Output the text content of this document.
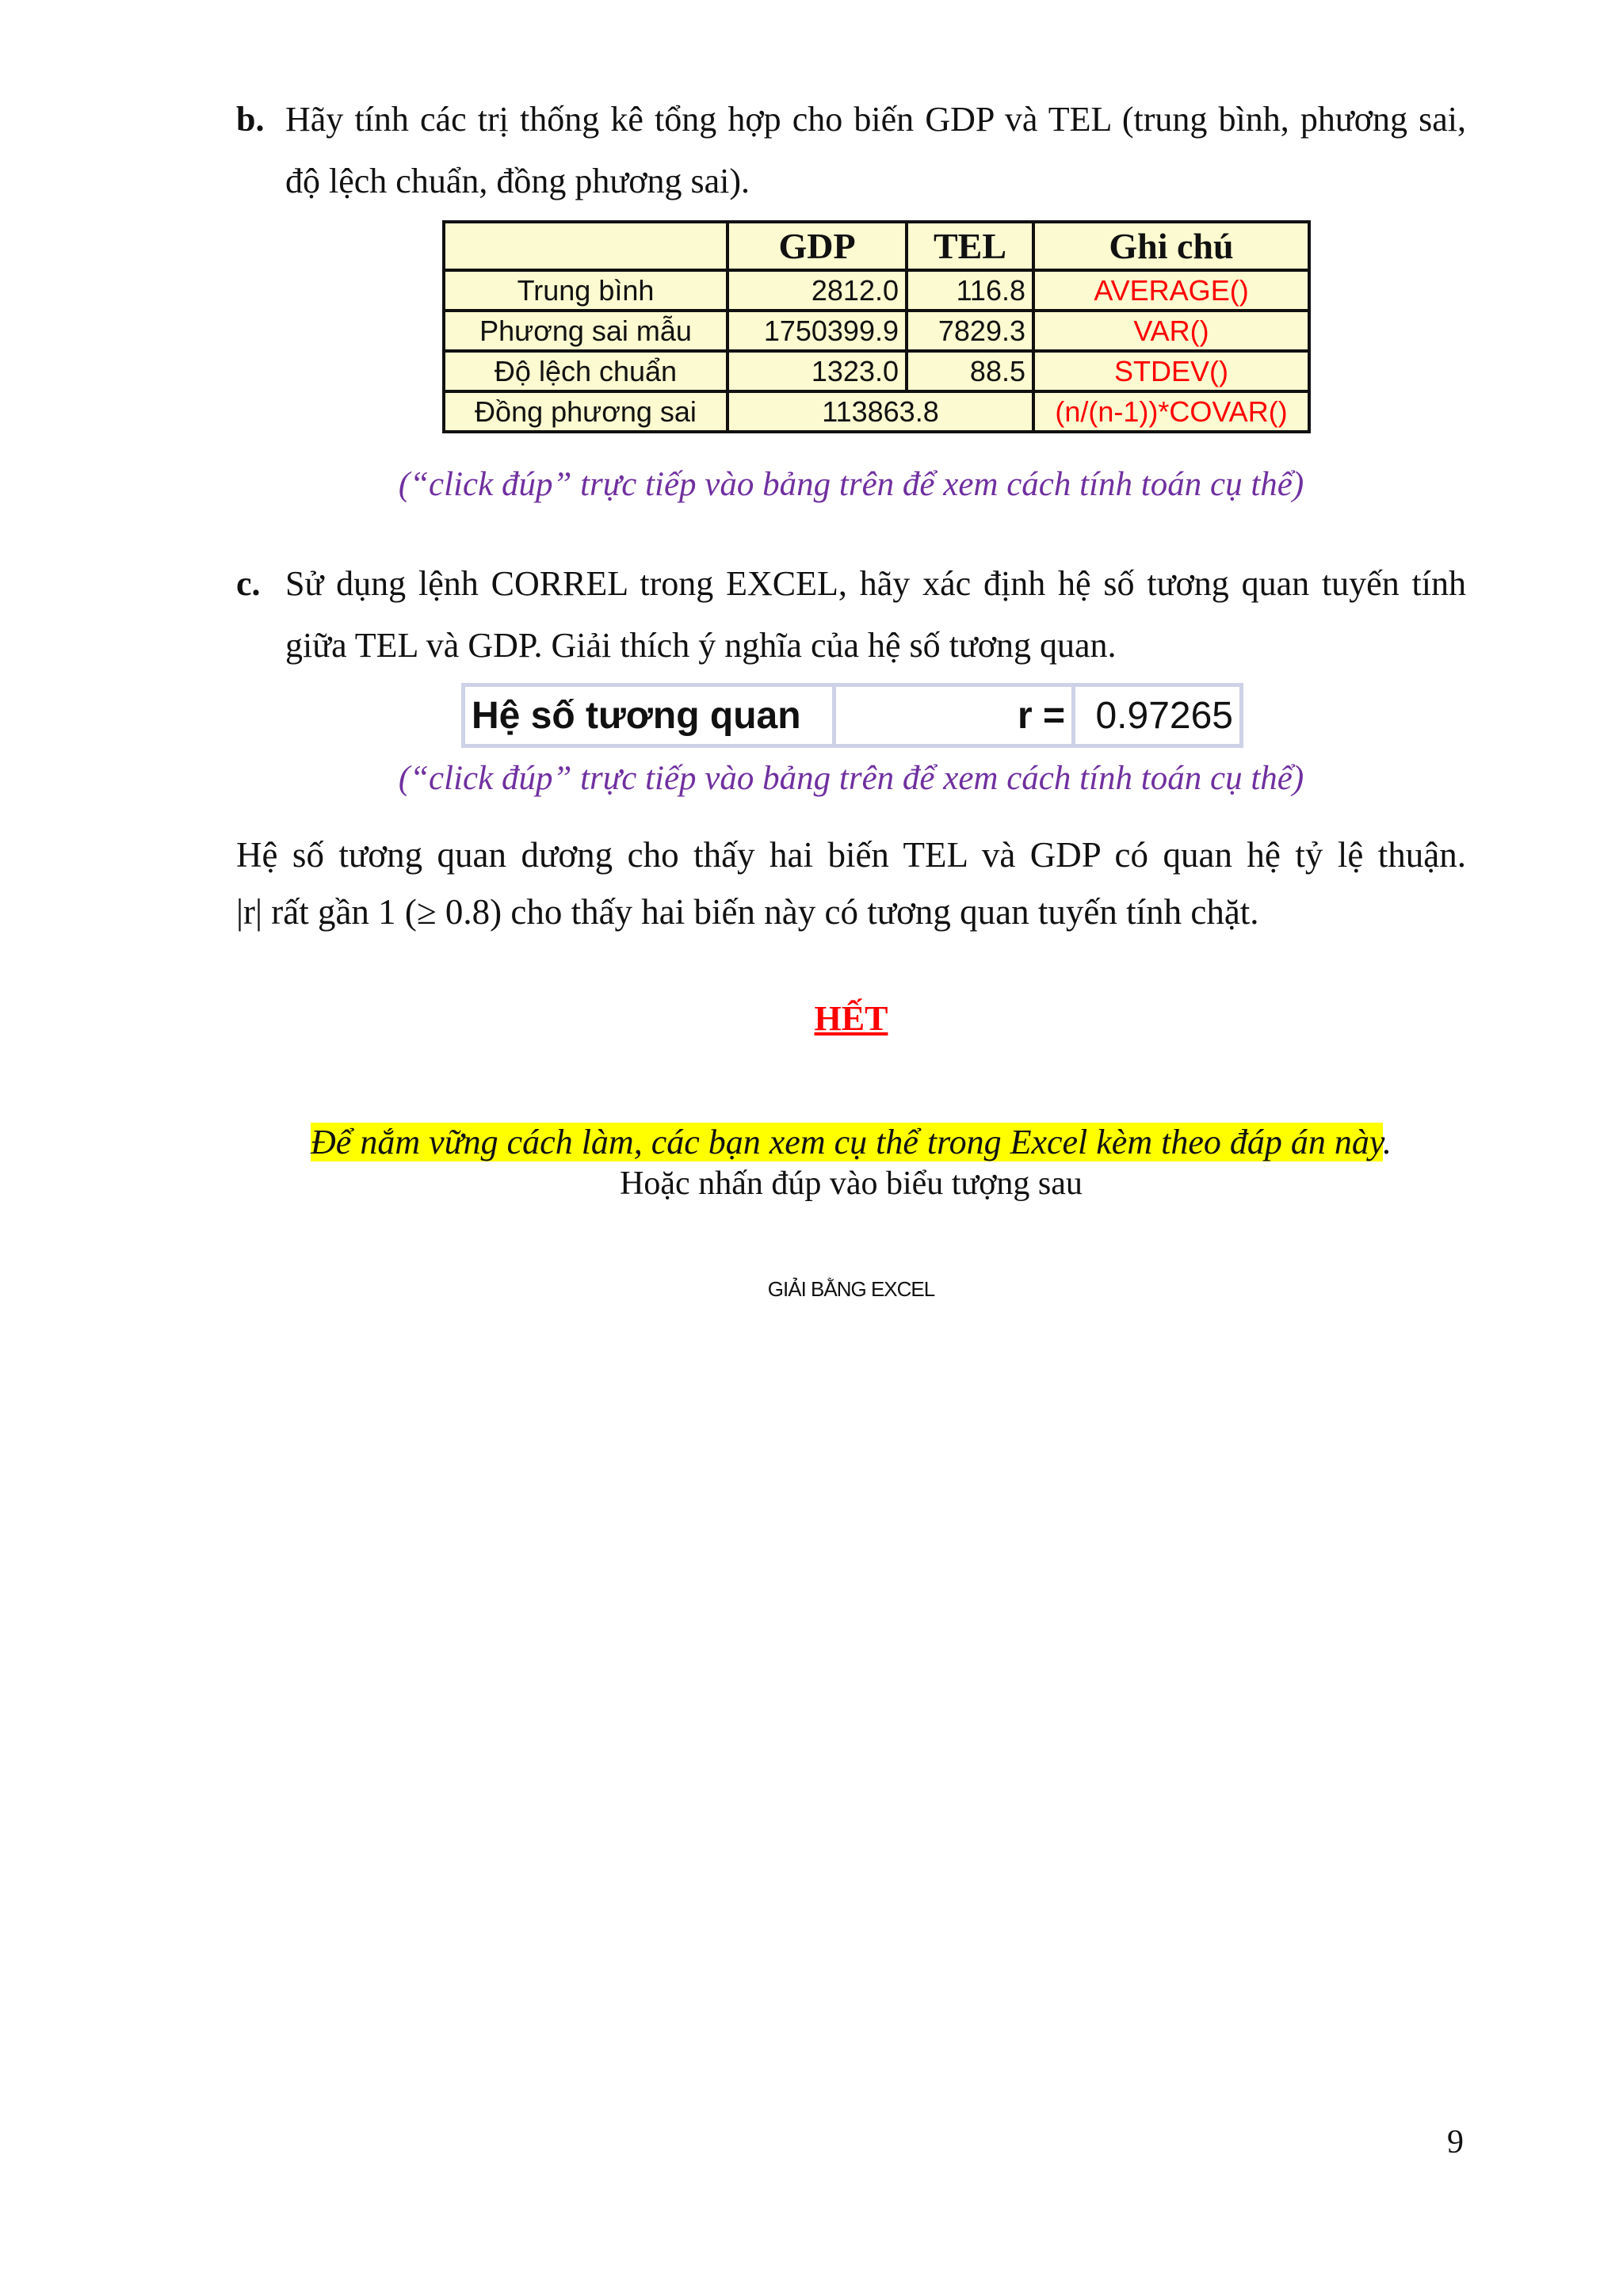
b. Hãy tính các trị thống kê tổng hợp cho biến GDP và TEL (trung bình, phương sai,
độ lệch chuẩn, đồng phương sai).
	GDP	TEL	Ghi chú
Trung bình	2812.0	116.8	AVERAGE()
Phương sai mẫu	1750399.9	7829.3	VAR()
Độ lệch chuẩn	1323.0	88.5	STDEV()
Đồng phương sai	113863.8		(n/(n-1))*COVAR()
(“click đúp” trực tiếp vào bảng trên để xem cách tính toán cụ thể)
c. Sử dụng lệnh CORREL trong EXCEL, hãy xác định hệ số tương quan tuyến tính
giữa TEL và GDP. Giải thích ý nghĩa của hệ số tương quan.
Hệ số tương quan	r =	0.97265
(“click đúp” trực tiếp vào bảng trên để xem cách tính toán cụ thể)
Hệ số tương quan dương cho thấy hai biến TEL và GDP có quan hệ tỷ lệ thuận.
|r| rất gần 1 (≥ 0.8) cho thấy hai biến này có tương quan tuyến tính chặt.
HẾT
Để nắm vững cách làm, các bạn xem cụ thể trong Excel kèm theo đáp án này.
Hoặc nhấn đúp vào biểu tượng sau
GIẢI BẰNG EXCEL
9
